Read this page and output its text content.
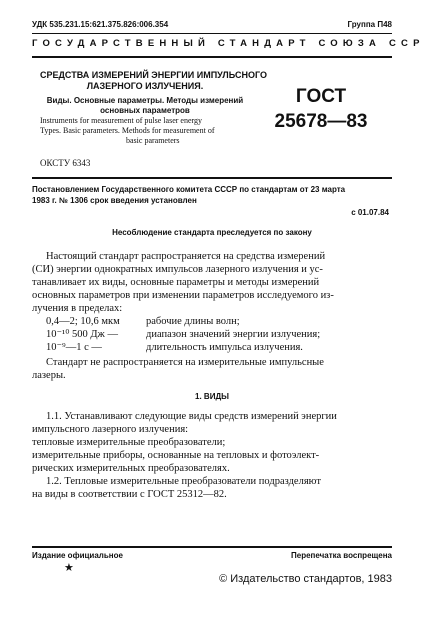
УДК 535.231.15:621.375.826:006.354	Группа П48
ГОСУДАРСТВЕННЫЙ СТАНДАРТ СОЮЗА ССР
СРЕДСТВА ИЗМЕРЕНИЙ ЭНЕРГИИ ИМПУЛЬСНОГО
ЛАЗЕРНОГО ИЗЛУЧЕНИЯ.
Виды. Основные параметры. Методы измерений
основных параметров
Instruments for measurement of pulse laser energy
Types. Basic parameters. Methods for measurement of
basic parameters
ОКСТУ 6343
ГОСТ
25678—83
Постановлением Государственного комитета СССР по стандартам от 23 марта
1983 г. № 1306 срок введения установлен
с 01.07.84
Несоблюдение стандарта преследуется по закону
Настоящий стандарт распространяется на средства измерений
(СИ) энергии однократных импульсов лазерного излучения и ус-
танавливает их виды, основные параметры и методы измерений
основных параметров при изменении параметров исследуемого из-
лучения в пределах:
0,4—2; 10,6 мкм рабочие длины волн;
10⁻¹⁰ 500 Дж —	диапазон значений энергии излучения;
10⁻⁹—1 с —	длительность импульса излучения.
Стандарт не распространяется на измерительные импульсные
лазеры.
1. ВИДЫ
1.1. Устанавливают следующие виды средств измерений энергии
импульсного лазерного излучения:
тепловые измерительные преобразователи;
измерительные приборы, основанные на тепловых и фотоэлект-
рических измерительных преобразователях.
1.2. Тепловые измерительные преобразователи подразделяют
на виды в соответствии с ГОСТ 25312—82.
Издание официальное	Перепечатка воспрещена
★
© Издательство стандартов, 1983
